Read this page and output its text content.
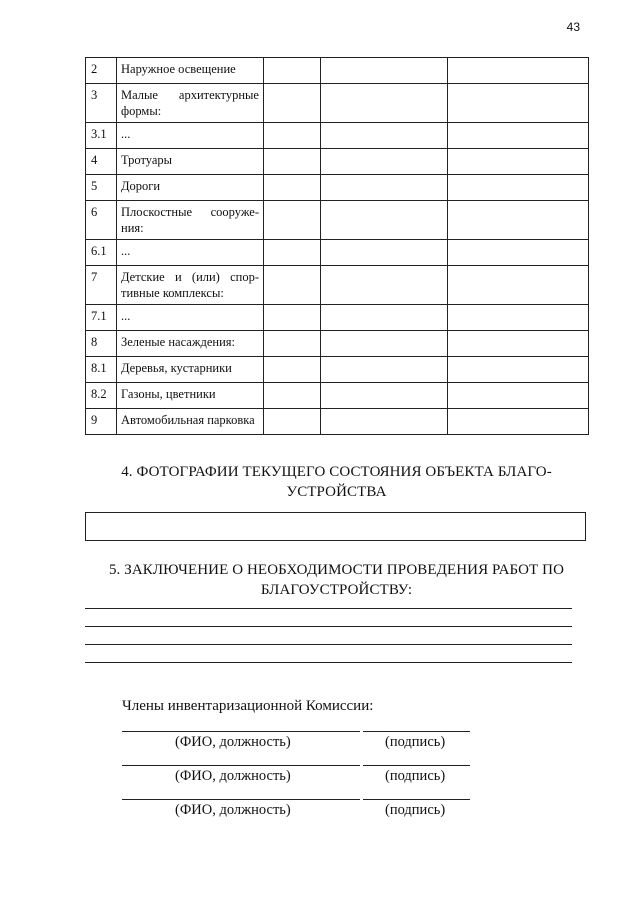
43
2	Наружное освещение			
3	Малые архитектурные формы:			
3.1	...			
4	Тротуары			
5	Дороги			
6	Плоскостные сооруже-ния:			
6.1	...			
7	Детские и (или) спор-тивные комплексы:			
7.1	...			
8	Зеленые насаждения:			
8.1	Деревья, кустарники			
8.2	Газоны, цветники			
9	Автомобильная парковка			
4. ФОТОГРАФИИ ТЕКУЩЕГО СОСТОЯНИЯ ОБЪЕКТА БЛАГО-
УСТРОЙСТВА
5. ЗАКЛЮЧЕНИЕ О НЕОБХОДИМОСТИ ПРОВЕДЕНИЯ РАБОТ ПО
БЛАГОУСТРОЙСТВУ:
Члены инвентаризационной Комиссии:
(ФИО, должность)	(подпись)
(ФИО, должность)	(подпись)
(ФИО, должность)	(подпись)
